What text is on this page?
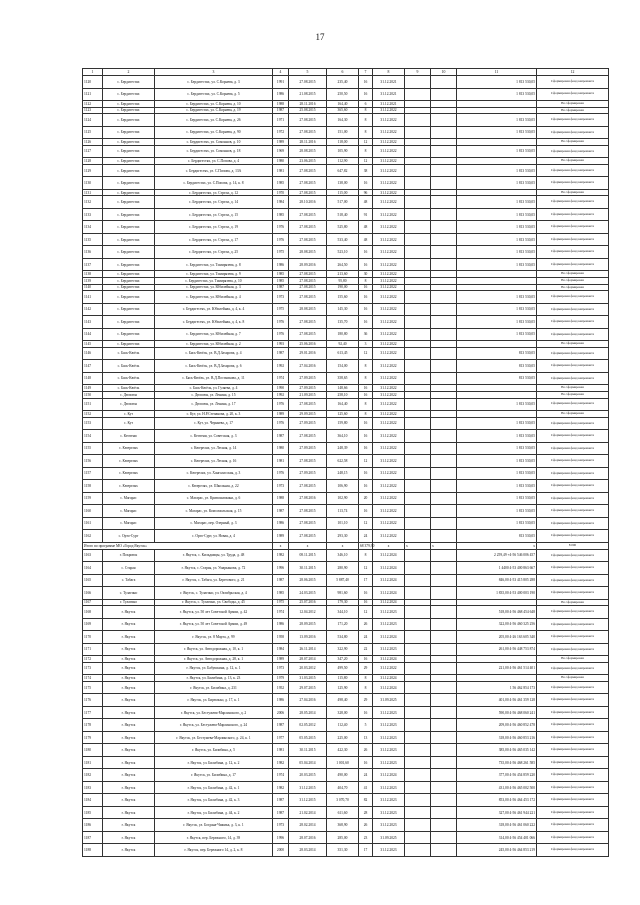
17
1	2	3	4	5	6	7	8	9	10	11	12
1120	с. Бердигестях	с. Бердигестях, ул. С.Корнева, д. 3	1991	27.08.2015	235,40	16	31.12.2021			1 813 530,05	Сформирован фонд капремонта
1121	с. Бердигестях	с. Бердигестях, ул. С.Корнева, д. 5	1986	21.08.2015	250,50	16	31.12.2021			1 813 530,05	Сформирован фонд капремонта
1122	с. Бердигестях	с. Бердигестях, ул. С.Корнева, д. 10	1988	28.11.2016	164,40	6	31.12.2021				Не сформирован
1123	с. Бердигестях	с. Бердигестях, ул. С.Корнева, д. 19	1987	25.08.2015	365,60	8	31.12.2022				Не сформирован
1124	с. Бердигестях	с. Бердигестях, ул. С.Корнева, д. 26	1971	27.08.2015	164,30	8	31.12.2022			1 813 530,05	Сформирован фонд капремонта
1125	с. Бердигестях	с. Бердигестях, ул. С.Корнева, д. 90	1972	27.08.2015	151,00	8	31.12.2022			1 813 530,05	Сформирован фонд капремонта
1126	с. Бердигестях	с. Бердигестях, ул. Сомоннов, д. 10	1989	28.11.2016	118,00	12	31.12.2022				Не сформирован
1127	с. Бердигестях	с. Бердигестях, ул. Сомоннов, д. 18	1969	28.08.2015	105,90	8	31.12.2022			1 813 530,05	Сформирован фонд капремонта
1128	с. Бердигестях	с. Бердигестях, ул. С.Попова, д. 4	1980	23.06.2015	112,90	12	31.12.2022				Не сформирован
1129	с. Бердигестях	с. Бердигестях, ул. С.Попова, д. 13А	1981	27.08.2015	647,82	38	31.12.2022			1 813 530,05	Сформирован фонд капремонта
1130	с. Бердигестях	с. Бердигестях, ул. С.Попова, д. 14, к. 8	1985	27.08.2015	138,00	16	31.12.2022			1 813 530,05	Сформирован фонд капремонта
1131	с. Бердигестях	с. Бердигестях, ул. Стрела, д. 12	1970	27.08.2015	115,00	96	31.12.2022				Не сформирован
1132	с. Бердигестях	с. Бердигестях, ул. Стрела, д. 14	1984	28.10.2016	517,00	48	31.12.2022			1 813 530,05	Сформирован фонд капремонта
1133	с. Бердигестях	с. Бердигестях, ул. Стрела, д. 15	1985	27.08.2015	518,40	91	31.12.2022			1 813 530,05	Сформирован фонд капремонта
1134	с. Бердигестях	с. Бердигестях, ул. Стрела, д. 19	1976	27.08.2015	525,80	48	31.12.2022			1 813 530,05	Сформирован фонд капремонта
1135	с. Бердигестях	с. Бердигестях, ул. Стрела, д. 17	1976	27.08.2015	533,40	48	31.12.2022			1 813 530,05	Сформирован фонд капремонта
1136	с. Бердигестях	с. Бердигестях, ул. Стрела, д. 25	1975	28.08.2015	523,10	16	31.12.2022			1 813 530,05	Сформирован фонд капремонта
1137	с. Бердигестях	с. Бердигестях, ул. Тимирязева, д. 8	1986	28.09.2016	264,50	16	31.12.2022			1 813 530,05	Сформирован фонд капремонта
1138	с. Бердигестях	с. Бердигестях, ул. Тимирязева, д. 9	1985	27.08.2015	213,60	30	31.12.2022				Не сформирован
1139	с. Бердигестях	с. Бердигестях, ул. Тимирязева, д. 10	1985	27.08.2015	95,80	8	31.12.2022				Не сформирован
1140	с. Бердигестях	с. Бердигестях, ул. Юбилейная, д. 3	1987	27.08.2015	190,00	16	31.12.2022				Не сформирован
1141	с. Бердигестях	с. Бердигестях, ул. Юбилейная, д. 4	1973	27.08.2015	155,60	16	31.12.2022			1 813 530,05	Сформирован фонд капремонта
1142	с. Бердигестях	с. Бердигестях, ул. Юбилейная, д. 4, к. 4	1975	28.08.2015	145,30	16	31.12.2022			1 813 530,05	Сформирован фонд капремонта
1143	с. Бердигестях	с. Бердигестях, ул. Юбилейная, д. 4, к. 8	1976	27.08.2015	135,70	16	31.12.2022			1 813 530,05	Сформирован фонд капремонта
1144	с. Бердигестях	с. Бердигестях, ул. Юбилейная, д. 7	1976	27.08.2015	180,80	36	31.12.2022			1 813 530,05	Сформирован фонд капремонта
1145	с. Бердигестях	с. Бердигестях, ул. Юбилейная, д. 2	1993	25.06.2016	92,40	3	31.12.2022				Не сформирован
1146	с. Бясь-Кюёль	с. Бясь-Кюёль, ул. В.Д.Захарова, д. 4	1987	29.01.2016	613,45	12	31.12.2022			813 530,05	Сформирован фонд капремонта
1147	с. Бясь-Кюёль	с. Бясь-Кюёль, ул. В.Д.Захарова, д. 6	1992	27.04.2016	154,00	8	31.12.2022			813 530,05	Сформирован фонд капремонта
1148	с. Бясь-Кюёль	с. Бясь-Кюёль, ул. В.Д.Постникова, д. 11	1974	27.09.2015	358,65	8	31.12.2022			813 530,05	Сформирован фонд капремонта
1149	с. Бясь-Кюёль	с. Бясь-Кюёль, ул. Гуляева, д. 4	1990	27.09.2015	148,66	16	31.12.2022				Не сформирован
1150	с. Дюпсюн	с. Дюпсюн, ул. Ленина, д. 15	1992	21.09.2015	258,10	16	31.12.2022				Не сформирован
1151	с. Дюпсюн	с. Дюпсюн, ул. Ленина, д. 17	1976	27.08.2015	164,40	8	31.12.2022			1 813 530,05	Сформирован фонд капремонта
1152	с. Кут	с. Кут, ул. Н.Р.Степанова, д. 20, к. 3	1989	29.09.2015	125,60	8	31.12.2022				Не сформирован
1153	с. Кут	с. Кут, ул. Черняева, д. 17	1976	27.09.2015	159,80	16	31.12.2022			1 813 530,05	Сформирован фонд капремонта
1154	с. Кептени	с. Кептени, ул. Советская, д. 3	1987	27.08.2015	364,10	16	31.12.2022			1 813 530,05	Сформирован фонд капремонта
1155	с. Кюерелях	с. Кюерелях, ул. Лесная, д. 14	1980	27.09.2015	248,39	16	31.12.2022			1 813 530,05	Сформирован фонд капремонта
1156	с. Кюерелях	с. Кюерелях, ул. Лесная, д. 16	1981	27.08.2015	622,58	12	31.12.2022			1 813 530,05	Сформирован фонд капремонта
1157	с. Кюерелях	с. Кюерелях, ул. Хангаласская, д. 3	1976	27.09.2015	248,15	16	31.12.2022			1 813 530,05	Сформирован фонд капремонта
1158	с. Кюерелях	с. Кюерелях, ул. Школьная, д. 22	1973	27.08.2015	106,90	16	31.12.2022			1 813 530,05	Сформирован фонд капремонта
1159	с. Магарас	с. Магарас, ул. Кривошапкина, д. 6	1988	27.08.2016	102,90	20	31.12.2022			1 813 530,05	Сформирован фонд капремонта
1160	с. Магарас	с. Магарас, ул. Комсомольская, д. 15	1987	27.08.2015	113,74	16	31.12.2022			1 813 530,05	Сформирован фонд капремонта
1161	с. Магарас	с. Магарас, пер. Озерный, д. 3	1986	27.08.2015	101,10	12	31.12.2022			1 813 530,05	Сформирован фонд капремонта
1162	с. Орто-Сурт	с. Орто-Сурт, ул. Новая, д. 4	1989	27.08.2015	293,30	24	31.12.2022			813 530,05	Сформирован фонд капремонта
Итого по программе МО «Город Якутск»			x	x	x	68 379,90	x	x	x	x	8 000
1163	г. Покровск	г. Якутск, с. Кильдямцы, ул. Труда, д. 48	1982	08.11.2015	346,10	8	31.12.2024			2 259,49 +4-56 546 006 457	Сформирован фонд капремонта
1164	с. Старая	г. Якутск, с. Старая, ул. Умарканова, д. 72	1996	30.11.2015	280,90	12	31.12.2024			1 4400 4-53 400 863 667	Сформирован фонд капремонта
1165	с. Табага	г. Якутск, с. Табага, ул. Берегового, д. 21	1987	28.06.2015	5 887,40	17	31.12.2024			846,00 4-53 415 805 288	Сформирован фонд капремонта
1166	с. Тулагино	г. Якутск, с. Тулагино, ул. Октябрьская, д. 4	1985	24.03.2015	981,60	16	31.12.2024			1 835,00 4-53 400 003 190	Сформирован фонд капремонта
1167	г. Тулагино	г. Якутск, с. Тулагино, ул. Свободы, д. 45	1975	25.07.2016	179,30	16	31.12.2024				Не сформирован
1168	г. Якутск	г. Якутск, ул. 50 лет Советской Армии, д. 42	1974	12.04.2012	344,10	12	31.12.2023			518,00 4-56 468 454 648	Сформирован фонд капремонта
1169	г. Якутск	г. Якутск, ул. 50 лет Советской Армии, д. 49	1986	28.09.2015	171,20	26	31.12.2023			322,00 4-56 460 325 256	Сформирован фонд капремонта
1170	г. Якутск	г. Якутск, ул. 8 Марта, д. 99	1958	13.09.2016	534,80	24	31.12.2024			205,00 4-26 163 605 340	Сформирован фонд капремонта
1171	г. Якутск	г. Якутск, ул. Автодорожная, д. 10, к. 1	1984	26.11.2014	322,90	22	31.12.2023			261,00 4-56 448 753 874	Сформирован фонд капремонта
1172	г. Якутск	г. Якутск, ул. Автодорожная, д. 28, к. 1	1989	28.07.2014	347,20	16	31.12.2024				Не сформирован
1173	г. Якутск	г. Якутск, ул. Бабушкина, д. 12, к. 1	1973	20.03.2012	499,50	29	31.12.2022			221,00 4-56 461 514 401	Сформирован фонд капремонта
1174	г. Якутск	г. Якутск, ул. Билибина, д. 13, к. 23	1979	31.03.2015	115,80	8	31.12.2024				Не сформирован
1175	г. Якутск	г. Якутск, ул. Билибина, д. 231	1952	29.07.2015	125,90	8	31.12.2024			1 56 462 854 173	Сформирован фонд капремонта
1176	г. Якутск	г. Якутск, ул. Бирюлько, д. 17, к. 1	1986	27.04.2016	498,40	29	31.09.2025			401,00 4-56 461 359 128	Сформирован фонд капремонта
1177	г. Якутск	г. Якутск, ул. Бестужева-Марлинского, д. 2	2006	28.05.2014	328,00	16	31.12.2023			590,00 4-56 468 060 241	Сформирован фонд капремонта
1178	г. Якутск	г. Якутск, ул. Бестужева-Марлинского, д. 24	1987	02.05.2012	112,40	5	31.12.2023			209,00 4-56 460 852 478	Сформирован фонд капремонта
1179	г. Якутск	г. Якутск, ул. Бестужева-Марлинского, д. 24, к. 1	1977	05.05.2015	225,00	13	31.12.2023			318,00 4-56 460 853 216	Сформирован фонд капремонта
1180	г. Якутск	г. Якутск, ул. Билибина, д. 5	1981	30.11.2015	422,30	26	31.12.2023			385,00 4-56 465 035 142	Сформирован фонд капремонта
1181	г. Якутск	г. Якутск, ул. Билибина, д. 12, к. 2	1982	05.04.2014	1 001,60	16	31.12.2023			735,00 4-56 468 261 585	Сформирован фонд капремонта
1182	г. Якутск	г. Якутск, ул. Билибина, д. 17	1974	20.03.2015	490,00	24	31.12.2024			377,00 4-56 454 859 220	Сформирован фонд капремонта
1183	г. Якутск	г. Якутск, ул. Билибина, д. 42, к. 1	1982	31.12.2015	404,70	41	31.12.2023			431,00 4-56 465 002 500	Сформирован фонд капремонта
1184	г. Якутск	г. Якутск, ул. Билибина, д. 42, к. 3	1987	31.12.2015	3 070,70	82	31.12.2023			853,00 4-56 464 453 172	Сформирован фонд капремонта
1185	г. Якутск	г. Якутск, ул. Билибина, д. 44, к. 2	1987	21.02.2014	611,60	28	31.12.2023			327,00 4-56 461 944 221	Сформирован фонд капремонта
1186	г. Якутск	г. Якутск, ул. Богдана-Чижика, д. 3, к. 1	1973	28.02.2014	368,90	26	31.12.2023			318,00 4-56 461 060 222	Сформирован фонд капремонта
1187	г. Якутск	г. Якутск, пер. Бережного, 14, д. 39	1996	28.07.2016	285,00	23	31.09.2025			314,00 4-56 454 401 066	Сформирован фонд капремонта
1188	г. Якутск	г. Якутск, пер. Бережного 14, д. 2, к. 8	2000	28.03.2014	351,30	17	31.12.2023			245,00 4-56 464 853 219	Сформирован фонд капремонта
